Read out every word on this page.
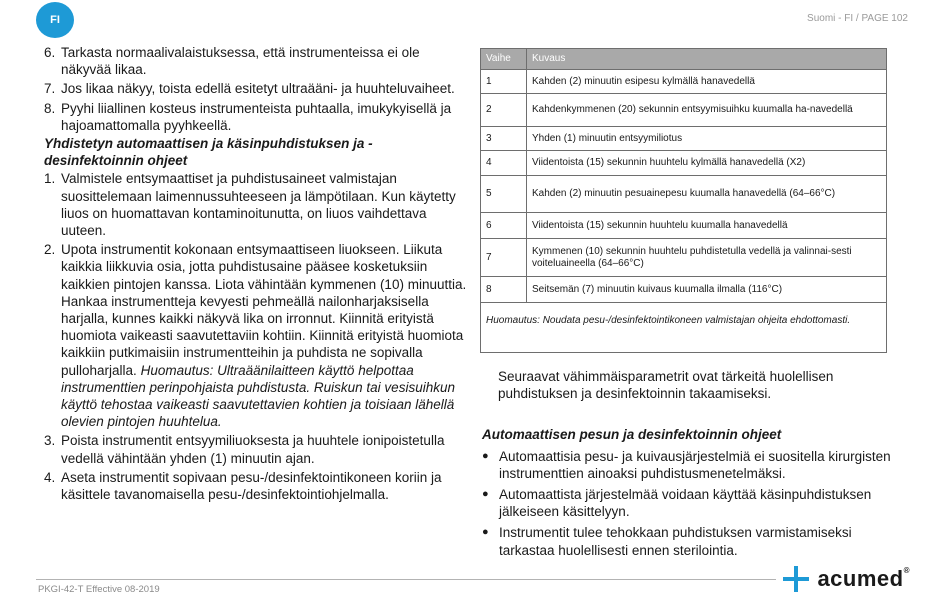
FI	Suomi - FI / PAGE 102
6. Tarkasta normaalivalaistuksessa, että instrumenteissa ei ole näkyvää likaa.
7. Jos likaa näkyy, toista edellä esitetyt ultraääni- ja huuhteluvaiheet.
8. Pyyhi liiallinen kosteus instrumenteista puhtaalla, imukykyisellä ja hajoamattomalla pyyhkeellä.
Yhdistetyn automaattisen ja käsinpuhdistuksen ja -desinfektoinnin ohjeet
1. Valmistele entsymaattiset ja puhdistusaineet valmistajan suosittelemaan laimennussuhteeseen ja lämpötilaan. Kun käytetty liuos on huomattavan kontaminoitunutta, on liuos vaihdettava uuteen.
2. Upota instrumentit kokonaan entsymaattiseen liuokseen. Liikuta kaikkia liikkuvia osia, jotta puhdistusaine pääsee kosketuksiin kaikkien pintojen kanssa. Liota vähintään kymmenen (10) minuuttia. Hankaa instrumentteja kevyesti pehmeällä nailonharjaksisella harjalla, kunnes kaikki näkyvä lika on irronnut. Kiinnitä erityistä huomiota vaikeasti saavutettaviin kohtiin. Kiinnitä erityistä huomiota kaikkiin putkimaisiin instrumentteihin ja puhdista ne sopivalla pulloharjalla. Huomautus: Ultraäänilaitteen käyttö helpottaa instrumenttien perinpohjaista puhdistusta. Ruiskun tai vesisuihkun käyttö tehostaa vaikeasti saavutettavien kohtien ja toisiaan lähellä olevien pintojen huuhtelua.
3. Poista instrumentit entsyymiliuoksesta ja huuhtele ionipoistetulla vedellä vähintään yhden (1) minuutin ajan.
4. Aseta instrumentit sopivaan pesu-/desinfektointikoneen koriin ja käsittele tavanomaisella pesu-/desinfektointiohjelmalla.
Vaihe	Kuvaus
1	Kahden (2) minuutin esipesu kylmällä hanavedellä
2	Kahdenkymmenen (20) sekunnin entsyymisuihku kuumalla ha-navedellä
3	Yhden (1) minuutin entsyymiliotus
4	Viidentoista (15) sekunnin huuhtelu kylmällä hanavedellä (X2)
5	Kahden (2) minuutin pesuainepesu kuumalla hanavedellä (64–66°C)
6	Viidentoista (15) sekunnin huuhtelu kuumalla hanavedellä
7	Kymmenen (10) sekunnin huuhtelu puhdistetulla vedellä ja valinnai-sesti voiteluaineella (64–66°C)
8	Seitsemän (7) minuutin kuivaus kuumalla ilmalla (116°C)
Huomautus: Noudata pesu-/desinfektointikoneen valmistajan ohjeita ehdottomasti.
Seuraavat vähimmäisparametrit ovat tärkeitä huolellisen puhdistuksen ja desinfektoinnin takaamiseksi.
Automaattisen pesun ja desinfektoinnin ohjeet
● Automaattisia pesu- ja kuivausjärjestelmiä ei suositella kirurgisten instrumenttien ainoaksi puhdistusmenetelmäksi.
● Automaattista järjestelmää voidaan käyttää käsinpuhdistuksen jälkeiseen käsittelyyn.
● Instrumentit tulee tehokkaan puhdistuksen varmistamiseksi tarkastaa huolellisesti ennen sterilointia.
PKGI-42-T Effective 08-2019	acumed®
